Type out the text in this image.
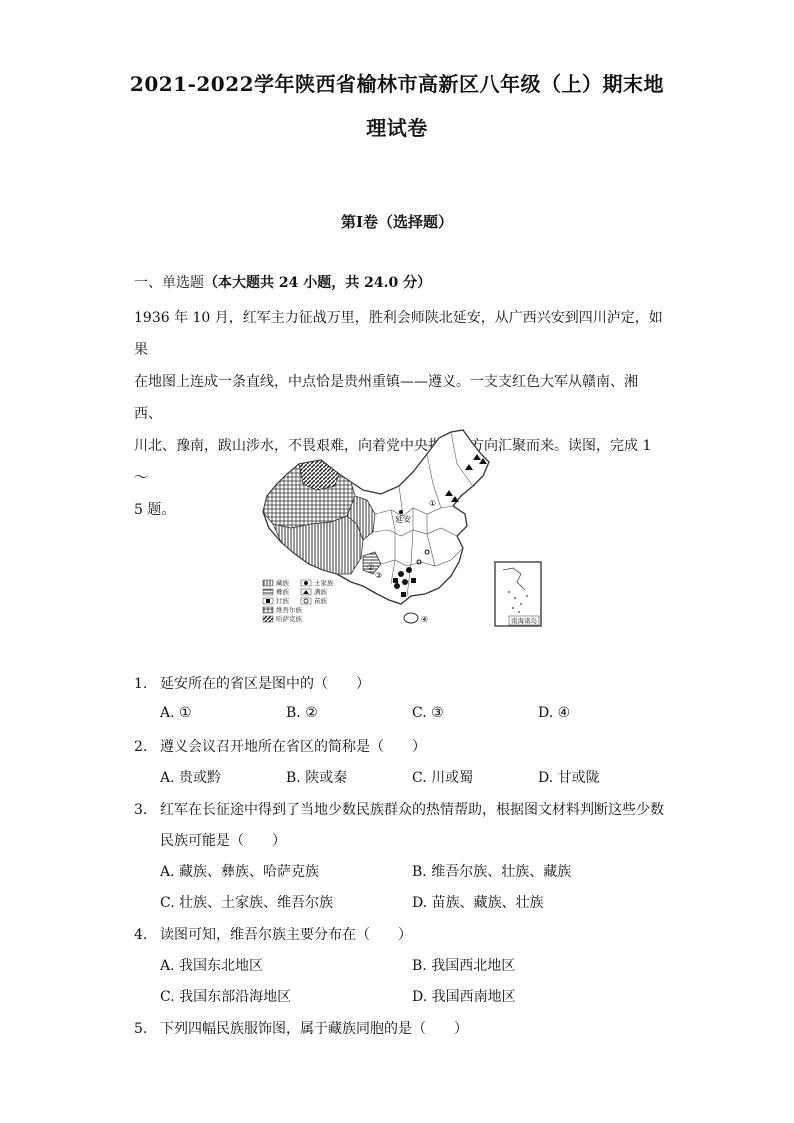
2021-2022学年陕西省榆林市高新区八年级（上）期末地
理试卷
第I卷（选择题）
一、单选题（本大题共 24 小题，共 24.0 分）

1936 年 10 月，红军主力征战万里，胜利会师陕北延安，从广西兴安到四川泸定，如果

在地图上连成一条直线，中点恰是贵州重镇——遵义。一支支红色大军从赣南、湘西、

川北、豫南，跋山涉水，不畏艰难，向着党中央指引的方向汇聚而来。读图，完成 1～

5 题。

延安
①
②
③
④
藏族
彝族
壮族
维吾尔族
哈萨克族
土家族
满族
苗族
南海诸岛
1. 延安所在的省区是图中的（　　）
A. ①	B. ②	C. ③	D. ④
2. 遵义会议召开地所在省区的简称是（　　）
A. 贵或黔	B. 陕或秦	C. 川或蜀	D. 甘或陇
3. 红军在长征途中得到了当地少数民族群众的热情帮助，根据图文材料判断这些少数
民族可能是（　　）
A. 藏族、彝族、哈萨克族	B. 维吾尔族、壮族、藏族
C. 壮族、土家族、维吾尔族	D. 苗族、藏族、壮族
4. 读图可知，维吾尔族主要分布在（　　）
A. 我国东北地区	B. 我国西北地区
C. 我国东部沿海地区	D. 我国西南地区
5. 下列四幅民族服饰图，属于藏族同胞的是（　　）
